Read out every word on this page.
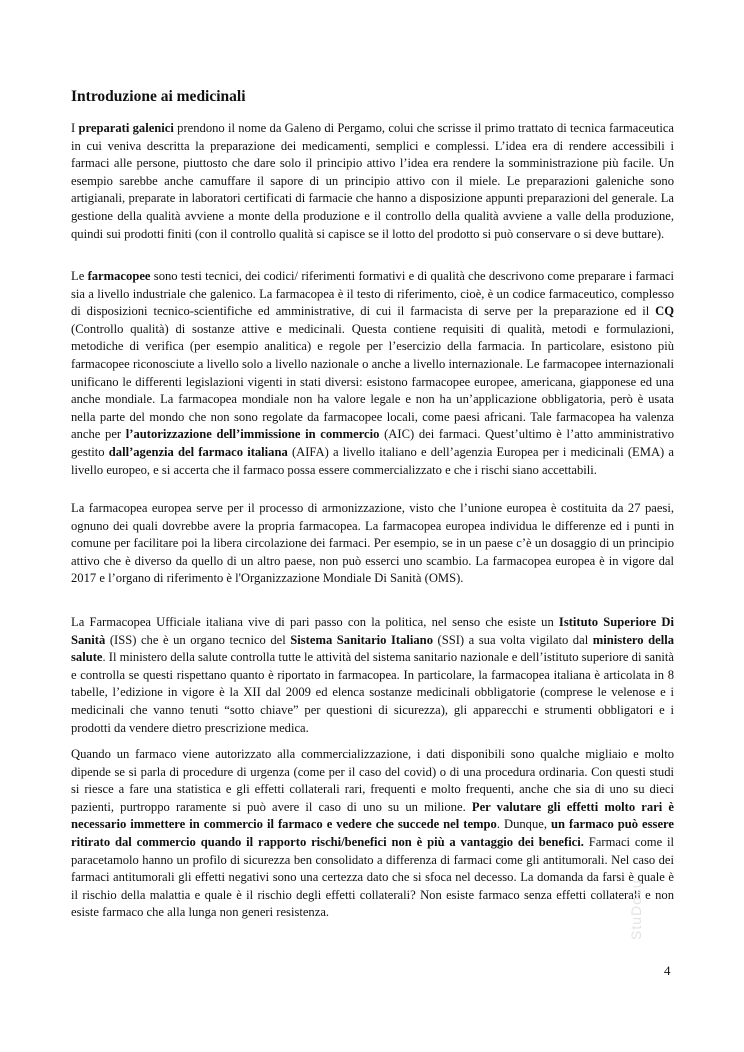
Introduzione ai medicinali

I preparati galenici prendono il nome da Galeno di Pergamo, colui che scrisse il primo trattato di tecnica farmaceutica in cui veniva descritta la preparazione dei medicamenti, semplici e complessi. L’idea era di rendere accessibili i farmaci alle persone, piuttosto che dare solo il principio attivo l’idea era rendere la somministrazione più facile. Un esempio sarebbe anche camuffare il sapore di un principio attivo con il miele. Le preparazioni galeniche sono artigianali, preparate in laboratori certificati di farmacie che hanno a disposizione appunti preparazioni del generale. La gestione della qualità avviene a monte della produzione e il controllo della qualità avviene a valle della produzione, quindi sui prodotti finiti (con il controllo qualità si capisce se il lotto del prodotto si può conservare o si deve buttare).

Le farmacopee sono testi tecnici, dei codici/ riferimenti formativi e di qualità che descrivono come preparare i farmaci sia a livello industriale che galenico. La farmacopea è il testo di riferimento, cioè, è un codice farmaceutico, complesso di disposizioni tecnico-scientifiche ed amministrative, di cui il farmacista di serve per la preparazione ed il CQ (Controllo qualità) di sostanze attive e medicinali. Questa contiene requisiti di qualità, metodi e formulazioni, metodiche di verifica (per esempio analitica) e regole per l’esercizio della farmacia. In particolare, esistono più farmacopee riconosciute a livello solo a livello nazionale o anche a livello internazionale. Le farmacopee internazionali unificano le differenti legislazioni vigenti in stati diversi: esistono farmacopee europee, americana, giapponese ed una anche mondiale. La farmacopea mondiale non ha valore legale e non ha un’applicazione obbligatoria, però è usata nella parte del mondo che non sono regolate da farmacopee locali, come paesi africani. Tale farmacopea ha valenza anche per l’autorizzazione dell’immissione in commercio (AIC) dei farmaci. Quest’ultimo è l’atto amministrativo gestito dall’agenzia del farmaco italiana (AIFA) a livello italiano e dell’agenzia Europea per i medicinali (EMA) a livello europeo, e si accerta che il farmaco possa essere commercializzato e che i rischi siano accettabili.

La farmacopea europea serve per il processo di armonizzazione, visto che l’unione europea è costituita da 27 paesi, ognuno dei quali dovrebbe avere la propria farmacopea. La farmacopea europea individua le differenze ed i punti in comune per facilitare poi la libera circolazione dei farmaci. Per esempio, se in un paese c’è un dosaggio di un principio attivo che è diverso da quello di un altro paese, non può esserci uno scambio. La farmacopea europea è in vigore dal 2017 e l’organo di riferimento è l'Organizzazione Mondiale Di Sanità (OMS).

La Farmacopea Ufficiale italiana vive di pari passo con la politica, nel senso che esiste un Istituto Superiore Di Sanità (ISS) che è un organo tecnico del Sistema Sanitario Italiano (SSI) a sua volta vigilato dal ministero della salute. Il ministero della salute controlla tutte le attività del sistema sanitario nazionale e dell’istituto superiore di sanità e controlla se questi rispettano quanto è riportato in farmacopea. In particolare, la farmacopea italiana è articolata in 8 tabelle, l’edizione in vigore è la XII dal 2009 ed elenca sostanze medicinali obbligatorie (comprese le velenose e i medicinali che vanno tenuti “sotto chiave” per questioni di sicurezza), gli apparecchi e strumenti obbligatori e i prodotti da vendere dietro prescrizione medica.

Quando un farmaco viene autorizzato alla commercializzazione, i dati disponibili sono qualche migliaio e molto dipende se si parla di procedure di urgenza (come per il caso del covid) o di una procedura ordinaria. Con questi studi si riesce a fare una statistica e gli effetti collaterali rari, frequenti e molto frequenti, anche che sia di uno su dieci pazienti, purtroppo raramente si può avere il caso di uno su un milione. Per valutare gli effetti molto rari è necessario immettere in commercio il farmaco e vedere che succede nel tempo. Dunque, un farmaco può essere ritirato dal commercio quando il rapporto rischi/benefici non è più a vantaggio dei benefici. Farmaci come il paracetamolo hanno un profilo di sicurezza ben consolidato a differenza di farmaci come gli antitumorali. Nel caso dei farmaci antitumorali gli effetti negativi sono una certezza dato che si sfoca nel decesso. La domanda da farsi è quale è il rischio della malattia e quale è il rischio degli effetti collaterali? Non esiste farmaco senza effetti collaterali e non esiste farmaco che alla lunga non generi resistenza.	StuDocu
4
